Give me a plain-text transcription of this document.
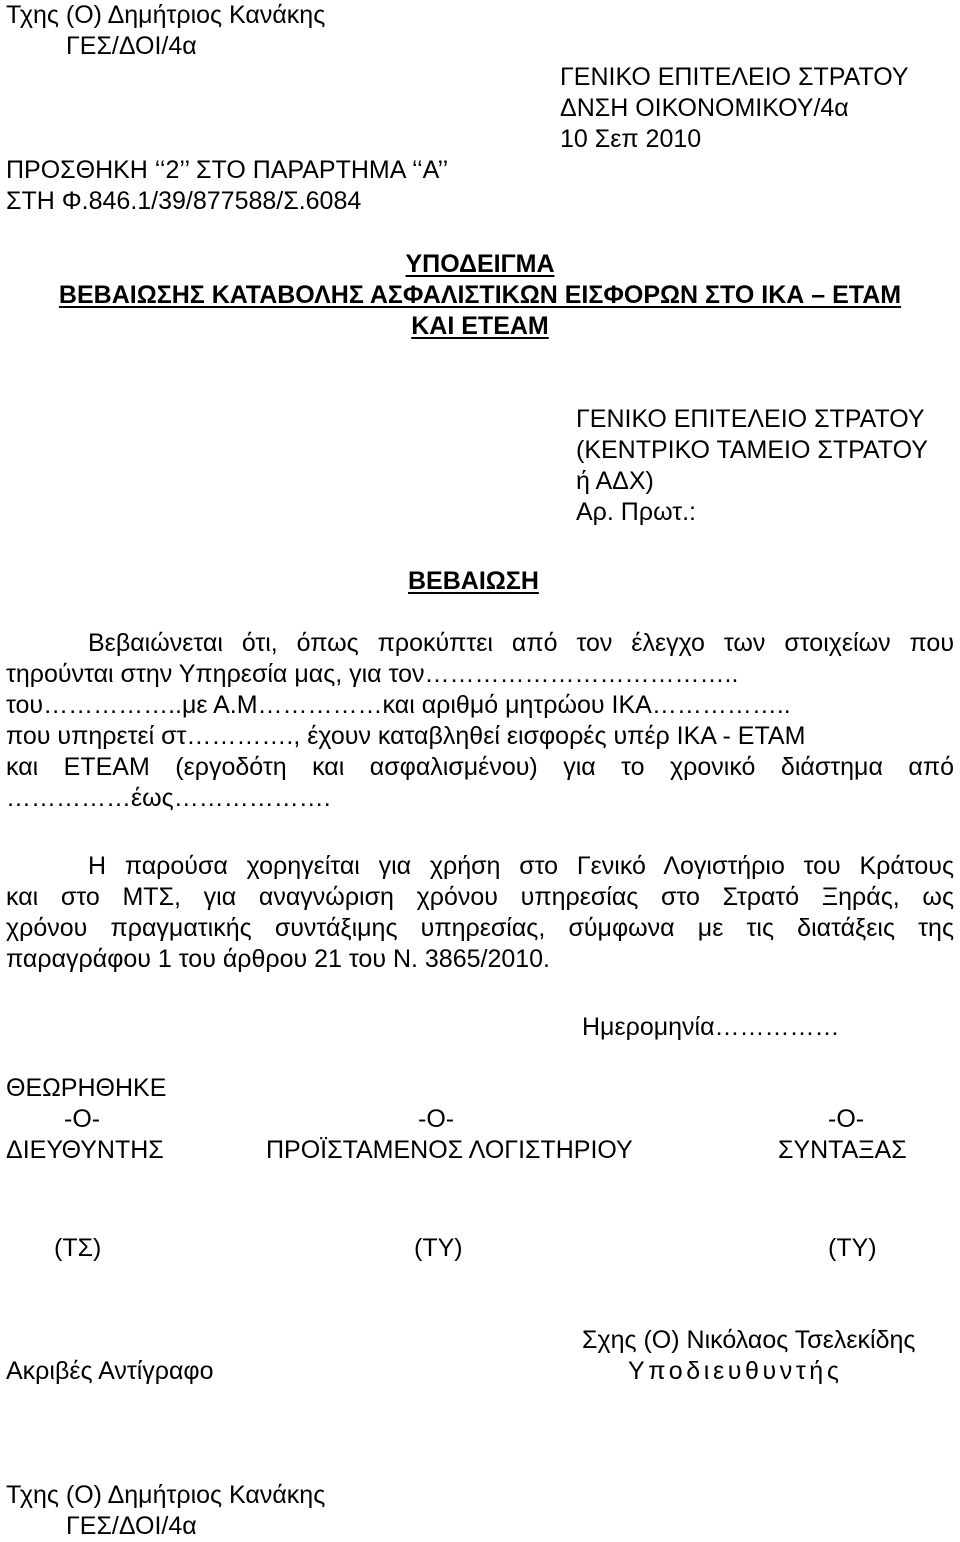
Τχης (Ο) Δημήτριος Κανάκης
ΓΕΣ/ΔΟΙ/4α
ΓΕΝΙΚΟ ΕΠΙΤΕΛΕΙΟ ΣΤΡΑΤΟΥ
ΔΝΣΗ ΟΙΚΟΝΟΜΙΚΟΥ/4α
10 Σεπ 2010
ΠΡΟΣΘΗΚΗ ‘‘2’’ ΣΤΟ ΠΑΡΑΡΤΗΜΑ ‘‘Α’’
ΣΤΗ Φ.846.1/39/877588/Σ.6084
ΥΠΟΔΕΙΓΜΑ
ΒΕΒΑΙΩΣΗΣ ΚΑΤΑΒΟΛΗΣ ΑΣΦΑΛΙΣΤΙΚΩΝ ΕΙΣΦΟΡΩΝ ΣΤΟ ΙΚΑ – ΕΤΑΜ
ΚΑΙ ΕΤΕΑΜ
ΓΕΝΙΚΟ ΕΠΙΤΕΛΕΙΟ ΣΤΡΑΤΟΥ
(ΚΕΝΤΡΙΚΟ ΤΑΜΕΙΟ ΣΤΡΑΤΟΥ
ή ΑΔΧ)
Αρ. Πρωτ.:
ΒΕΒΑΙΩΣΗ
Βεβαιώνεται ότι, όπως προκύπτει από τον έλεγχο των στοιχείων που
τηρούνται στην Υπηρεσία μας, για τον………………………………..
του……………..με Α.Μ……………και αριθμό μητρώου ΙΚΑ……………..
που υπηρετεί στ…………., έχουν καταβληθεί εισφορές υπέρ ΙΚΑ - ΕΤΑΜ
και ΕΤΕΑΜ (εργοδότη και ασφαλισμένου) για το χρονικό διάστημα από
……………έως……………….
Η παρούσα χορηγείται για χρήση στο Γενικό Λογιστήριο του Κράτους
και στο ΜΤΣ, για αναγνώριση χρόνου υπηρεσίας στο Στρατό Ξηράς, ως
χρόνου πραγματικής συντάξιμης υπηρεσίας, σύμφωνα με τις διατάξεις της
παραγράφου 1 του άρθρου 21 του Ν. 3865/2010.
Ημερομηνία……………
ΘΕΩΡΗΘΗΚΕ
-Ο-	-Ο-	-Ο-
ΔΙΕΥΘΥΝΤΗΣ	ΠΡΟΪΣΤΑΜΕΝΟΣ ΛΟΓΙΣΤΗΡΙΟΥ	ΣΥΝΤΑΞΑΣ
(ΤΣ)	(ΤΥ)	(ΤΥ)
Σχης (Ο) Νικόλαος Τσελεκίδης
Ακριβές Αντίγραφο	Υποδιευθυντής
Τχης (Ο) Δημήτριος Κανάκης
ΓΕΣ/ΔΟΙ/4α
